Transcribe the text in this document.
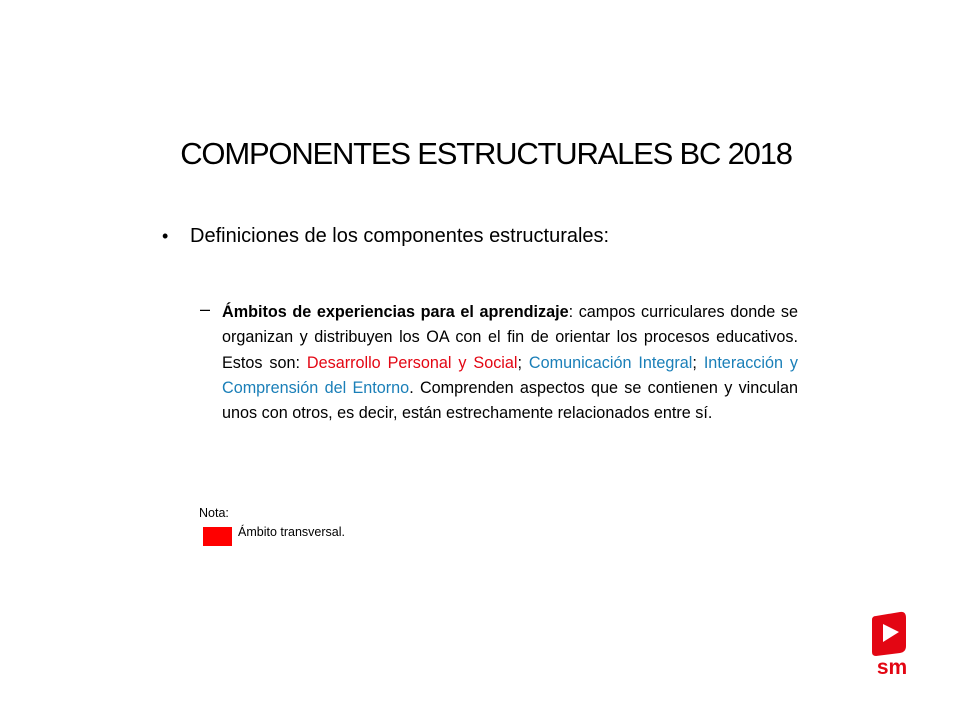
COMPONENTES ESTRUCTURALES BC 2018
• Definiciones de los componentes estructurales:
– Ámbitos de experiencias para el aprendizaje: campos curriculares donde se organizan y distribuyen los OA con el fin de orientar los procesos educativos. Estos son: Desarrollo Personal y Social; Comunicación Integral; Interacción y Comprensión del Entorno. Comprenden aspectos que se contienen y vinculan unos con otros, es decir, están estrechamente relacionados entre sí.

Nota:
Ámbito transversal.
sm
